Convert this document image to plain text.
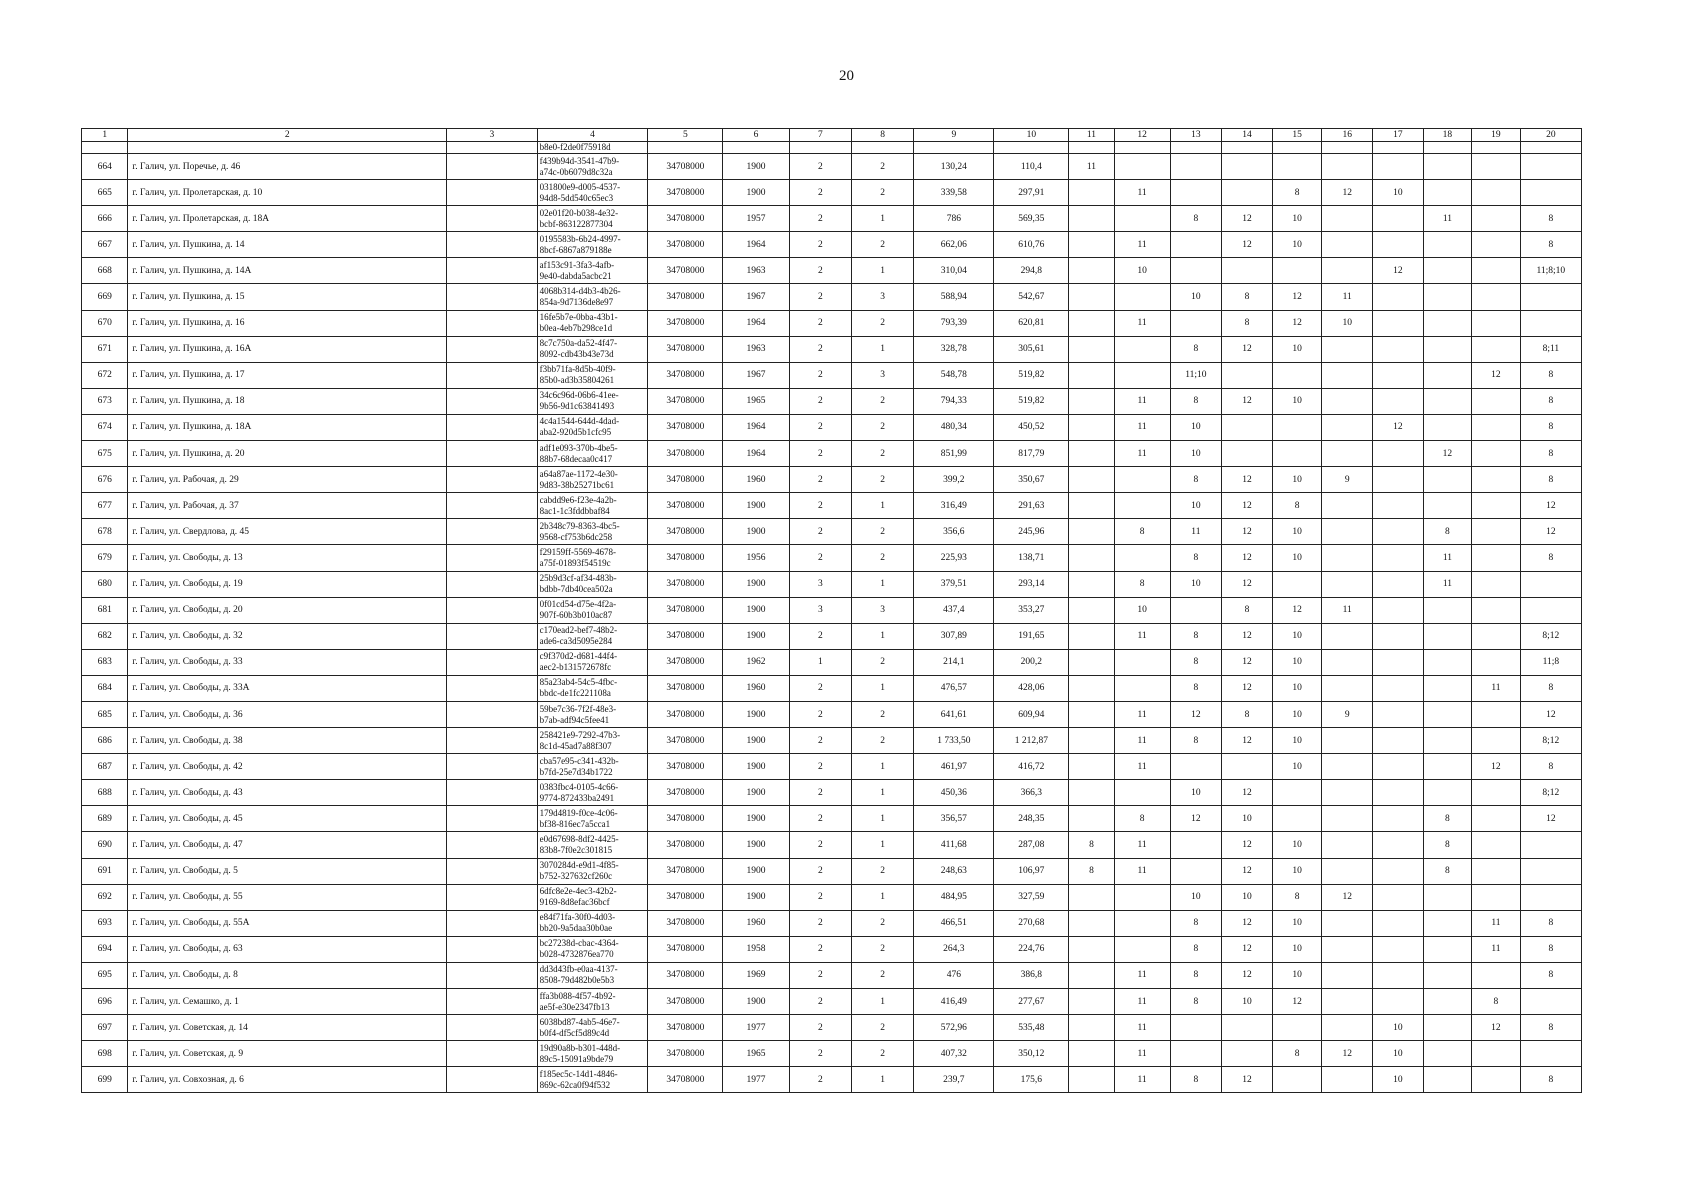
20
1	2	3	4	5	6	7	8	9	10	11	12	13	14	15	16	17	18	19	20
			b8e0-f2de0f75918d																
664	г. Галич, ул. Поречье, д. 46		f439b94d-3541-47b9-
a74c-0b6079d8c32a	34708000	1900	2	2	130,24	110,4	11									
665	г. Галич, ул. Пролетарская, д. 10		031800e9-d005-4537-
94d8-5dd540c65ec3	34708000	1900	2	2	339,58	297,91		11			8	12	10			
666	г. Галич, ул. Пролетарская, д. 18А		02e01f20-b038-4e32-
bcbf-863122877304	34708000	1957	2	1	786	569,35			8	12	10			11		8
667	г. Галич, ул. Пушкина, д. 14		0195583b-6b24-4997-
8bcf-6867a879188e	34708000	1964	2	2	662,06	610,76		11		12	10					8
668	г. Галич, ул. Пушкина, д. 14А		af153c91-3fa3-4afb-
9e40-dabda5acbc21	34708000	1963	2	1	310,04	294,8		10					12			11;8;10
669	г. Галич, ул. Пушкина, д. 15		4068b314-d4b3-4b26-
854a-9d7136de8e97	34708000	1967	2	3	588,94	542,67			10	8	12	11				
670	г. Галич, ул. Пушкина, д. 16		16fe5b7e-0bba-43b1-
b0ea-4eb7b298ce1d	34708000	1964	2	2	793,39	620,81		11		8	12	10				
671	г. Галич, ул. Пушкина, д. 16А		8c7c750a-da52-4f47-
8092-cdb43b43e73d	34708000	1963	2	1	328,78	305,61			8	12	10					8;11
672	г. Галич, ул. Пушкина, д. 17		f3bb71fa-8d5b-40f9-
85b0-ad3b35804261	34708000	1967	2	3	548,78	519,82			11;10						12	8
673	г. Галич, ул. Пушкина, д. 18		34c6c96d-06b6-41ee-
9b56-9d1c63841493	34708000	1965	2	2	794,33	519,82		11	8	12	10					8
674	г. Галич, ул. Пушкина, д. 18А		4c4a1544-644d-4dad-
aba2-920d5b1cfc95	34708000	1964	2	2	480,34	450,52		11	10				12			8
675	г. Галич, ул. Пушкина, д. 20		adf1e093-370b-4be5-
88b7-68decaa0c417	34708000	1964	2	2	851,99	817,79		11	10					12		8
676	г. Галич, ул. Рабочая, д. 29		a64a87ae-1172-4e30-
9d83-38b25271bc61	34708000	1960	2	2	399,2	350,67			8	12	10	9				8
677	г. Галич, ул. Рабочая, д. 37		cabdd9e6-f23e-4a2b-
8ac1-1c3fddbbaf84	34708000	1900	2	1	316,49	291,63			10	12	8					12
678	г. Галич, ул. Свердлова, д. 45		2b348c79-8363-4bc5-
9568-cf753b6dc258	34708000	1900	2	2	356,6	245,96		8	11	12	10			8		12
679	г. Галич, ул. Свободы, д. 13		f29159ff-5569-4678-
a75f-01893f54519c	34708000	1956	2	2	225,93	138,71			8	12	10			11		8
680	г. Галич, ул. Свободы, д. 19		25b9d3cf-af34-483b-
bdbb-7db40cea502a	34708000	1900	3	1	379,51	293,14		8	10	12				11		
681	г. Галич, ул. Свободы, д. 20		0f01cd54-d75e-4f2a-
907f-60b3b010ac87	34708000	1900	3	3	437,4	353,27		10		8	12	11				
682	г. Галич, ул. Свободы, д. 32		c170ead2-bef7-48b2-
ade6-ca3d5095e284	34708000	1900	2	1	307,89	191,65		11	8	12	10					8;12
683	г. Галич, ул. Свободы, д. 33		c9f370d2-d681-44f4-
aec2-b131572678fc	34708000	1962	1	2	214,1	200,2			8	12	10					11;8
684	г. Галич, ул. Свободы, д. 33А		85a23ab4-54c5-4fbc-
bbdc-de1fc221108a	34708000	1960	2	1	476,57	428,06			8	12	10				11	8
685	г. Галич, ул. Свободы, д. 36		59be7c36-7f2f-48e3-
b7ab-adf94c5fee41	34708000	1900	2	2	641,61	609,94		11	12	8	10	9				12
686	г. Галич, ул. Свободы, д. 38		258421e9-7292-47b3-
8c1d-45ad7a88f307	34708000	1900	2	2	1 733,50	1 212,87		11	8	12	10					8;12
687	г. Галич, ул. Свободы, д. 42		cba57e95-c341-432b-
b7fd-25e7d34b1722	34708000	1900	2	1	461,97	416,72		11			10				12	8
688	г. Галич, ул. Свободы, д. 43		0383fbc4-0105-4c66-
9774-872433ba2491	34708000	1900	2	1	450,36	366,3			10	12						8;12
689	г. Галич, ул. Свободы, д. 45		179d4819-f0ce-4c06-
bf38-816ec7a5cca1	34708000	1900	2	1	356,57	248,35		8	12	10				8		12
690	г. Галич, ул. Свободы, д. 47		e0d67698-8df2-4425-
83b8-7f0e2c301815	34708000	1900	2	1	411,68	287,08	8	11		12	10			8		
691	г. Галич, ул. Свободы, д. 5		3070284d-e9d1-4f85-
b752-327632cf260c	34708000	1900	2	2	248,63	106,97	8	11		12	10			8		
692	г. Галич, ул. Свободы, д. 55		6dfc8e2e-4ec3-42b2-
9169-8d8efac36bcf	34708000	1900	2	1	484,95	327,59			10	10	8	12				
693	г. Галич, ул. Свободы, д. 55А		e84f71fa-30f0-4d03-
bb20-9a5daa30b0ae	34708000	1960	2	2	466,51	270,68			8	12	10				11	8
694	г. Галич, ул. Свободы, д. 63		bc27238d-cbac-4364-
b028-4732876ea770	34708000	1958	2	2	264,3	224,76			8	12	10				11	8
695	г. Галич, ул. Свободы, д. 8		dd3d43fb-e0aa-4137-
8508-79d482b0e5b3	34708000	1969	2	2	476	386,8		11	8	12	10					8
696	г. Галич, ул. Семашко, д. 1		ffa3b088-4f57-4b92-
ae5f-e30e2347fb13	34708000	1900	2	1	416,49	277,67		11	8	10	12				8	
697	г. Галич, ул. Советская, д. 14		6038bd87-4ab5-46e7-
b0f4-df5cf5d89c4d	34708000	1977	2	2	572,96	535,48		11					10		12	8
698	г. Галич, ул. Советская, д. 9		19d90a8b-b301-448d-
89c5-15091a9bde79	34708000	1965	2	2	407,32	350,12		11			8	12	10			
699	г. Галич, ул. Совхозная, д. 6		f185ec5c-14d1-4846-
869c-62ca0f94f532	34708000	1977	2	1	239,7	175,6		11	8	12			10			8
